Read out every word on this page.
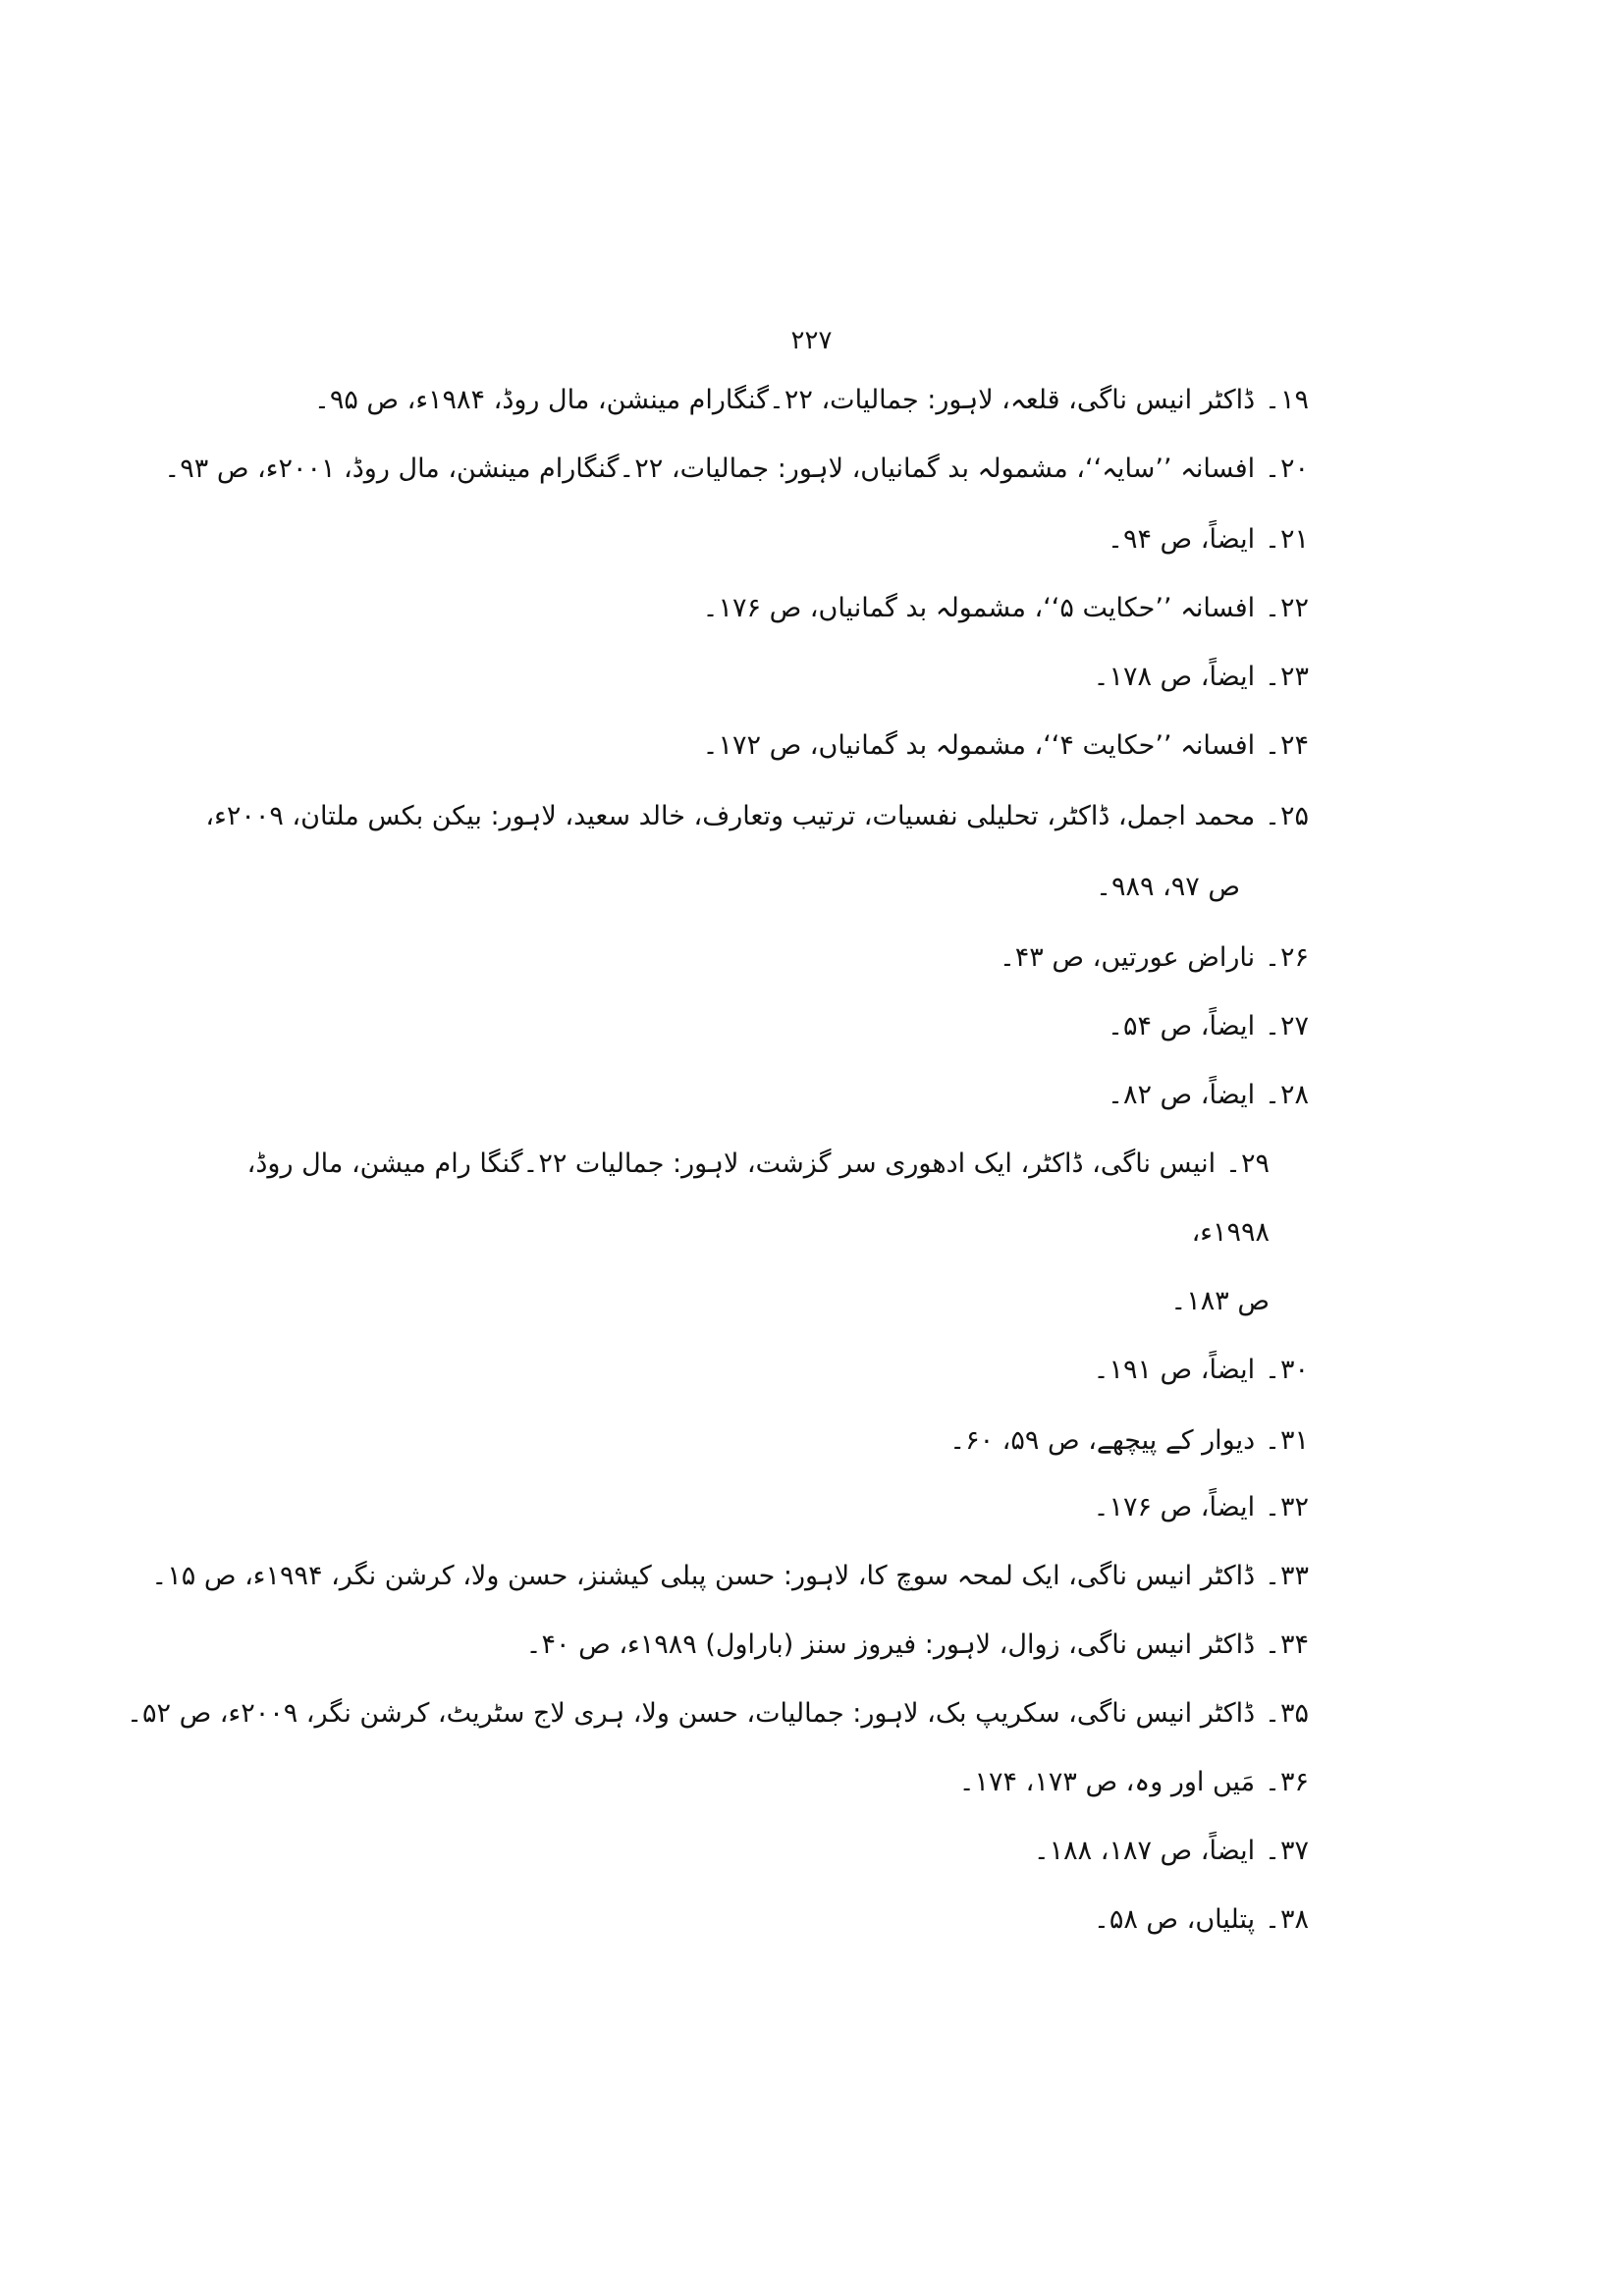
۲۲۷
۱۹۔ڈاکٹر انیس ناگی، قلعہ، لاہور: جمالیات، ۲۲۔گنگارام مینشن، مال روڈ، ۱۹۸۴ء، ص ۹۵۔
۲۰۔افسانہ ’’سایہ‘‘، مشمولہ بد گمانیاں، لاہور: جمالیات، ۲۲۔گنگارام مینشن، مال روڈ، ۲۰۰۱ء، ص ۹۳۔
۲۱۔ایضاً، ص ۹۴۔
۲۲۔افسانہ ’’حکایت ۵‘‘، مشمولہ بد گمانیاں، ص ۱۷۶۔
۲۳۔ایضاً، ص ۱۷۸۔
۲۴۔افسانہ ’’حکایت ۴‘‘، مشمولہ بد گمانیاں، ص ۱۷۲۔
۲۵۔محمد اجمل، ڈاکٹر، تحلیلی نفسیات، ترتیب وتعارف، خالد سعید، لاہور: بیکن بکس ملتان، ۲۰۰۹ء،
ص ۹۷، ۹۸۹۔
۲۶۔ناراض عورتیں، ص ۴۳۔
۲۷۔ایضاً، ص ۵۴۔
۲۸۔ایضاً، ص ۸۲۔
۲۹۔انیس ناگی، ڈاکٹر، ایک ادھوری سر گزشت، لاہور: جمالیات ۲۲۔گنگا رام میشن، مال روڈ،
۱۹۹۸ء،
ص ۱۸۳۔
۳۰۔ایضاً، ص ۱۹۱۔
۳۱۔دیوار کے پیچھے، ص ۵۹، ۶۰۔
۳۲۔ایضاً، ص ۱۷۶۔
۳۳۔ڈاکٹر انیس ناگی، ایک لمحہ سوچ کا، لاہور: حسن پبلی کیشنز، حسن ولا، کرشن نگر، ۱۹۹۴ء، ص ۱۵۔
۳۴۔ڈاکٹر انیس ناگی، زوال، لاہور: فیروز سنز (باراول) ۱۹۸۹ء، ص ۴۰۔
۳۵۔ڈاکٹر انیس ناگی، سکریپ بک، لاہور: جمالیات، حسن ولا، ہری لاج سٹریٹ، کرشن نگر، ۲۰۰۹ء، ص ۵۲۔
۳۶۔مَیں اور وہ، ص ۱۷۳، ۱۷۴۔
۳۷۔ایضاً، ص ۱۸۷، ۱۸۸۔
۳۸۔پتلیاں، ص ۵۸۔
